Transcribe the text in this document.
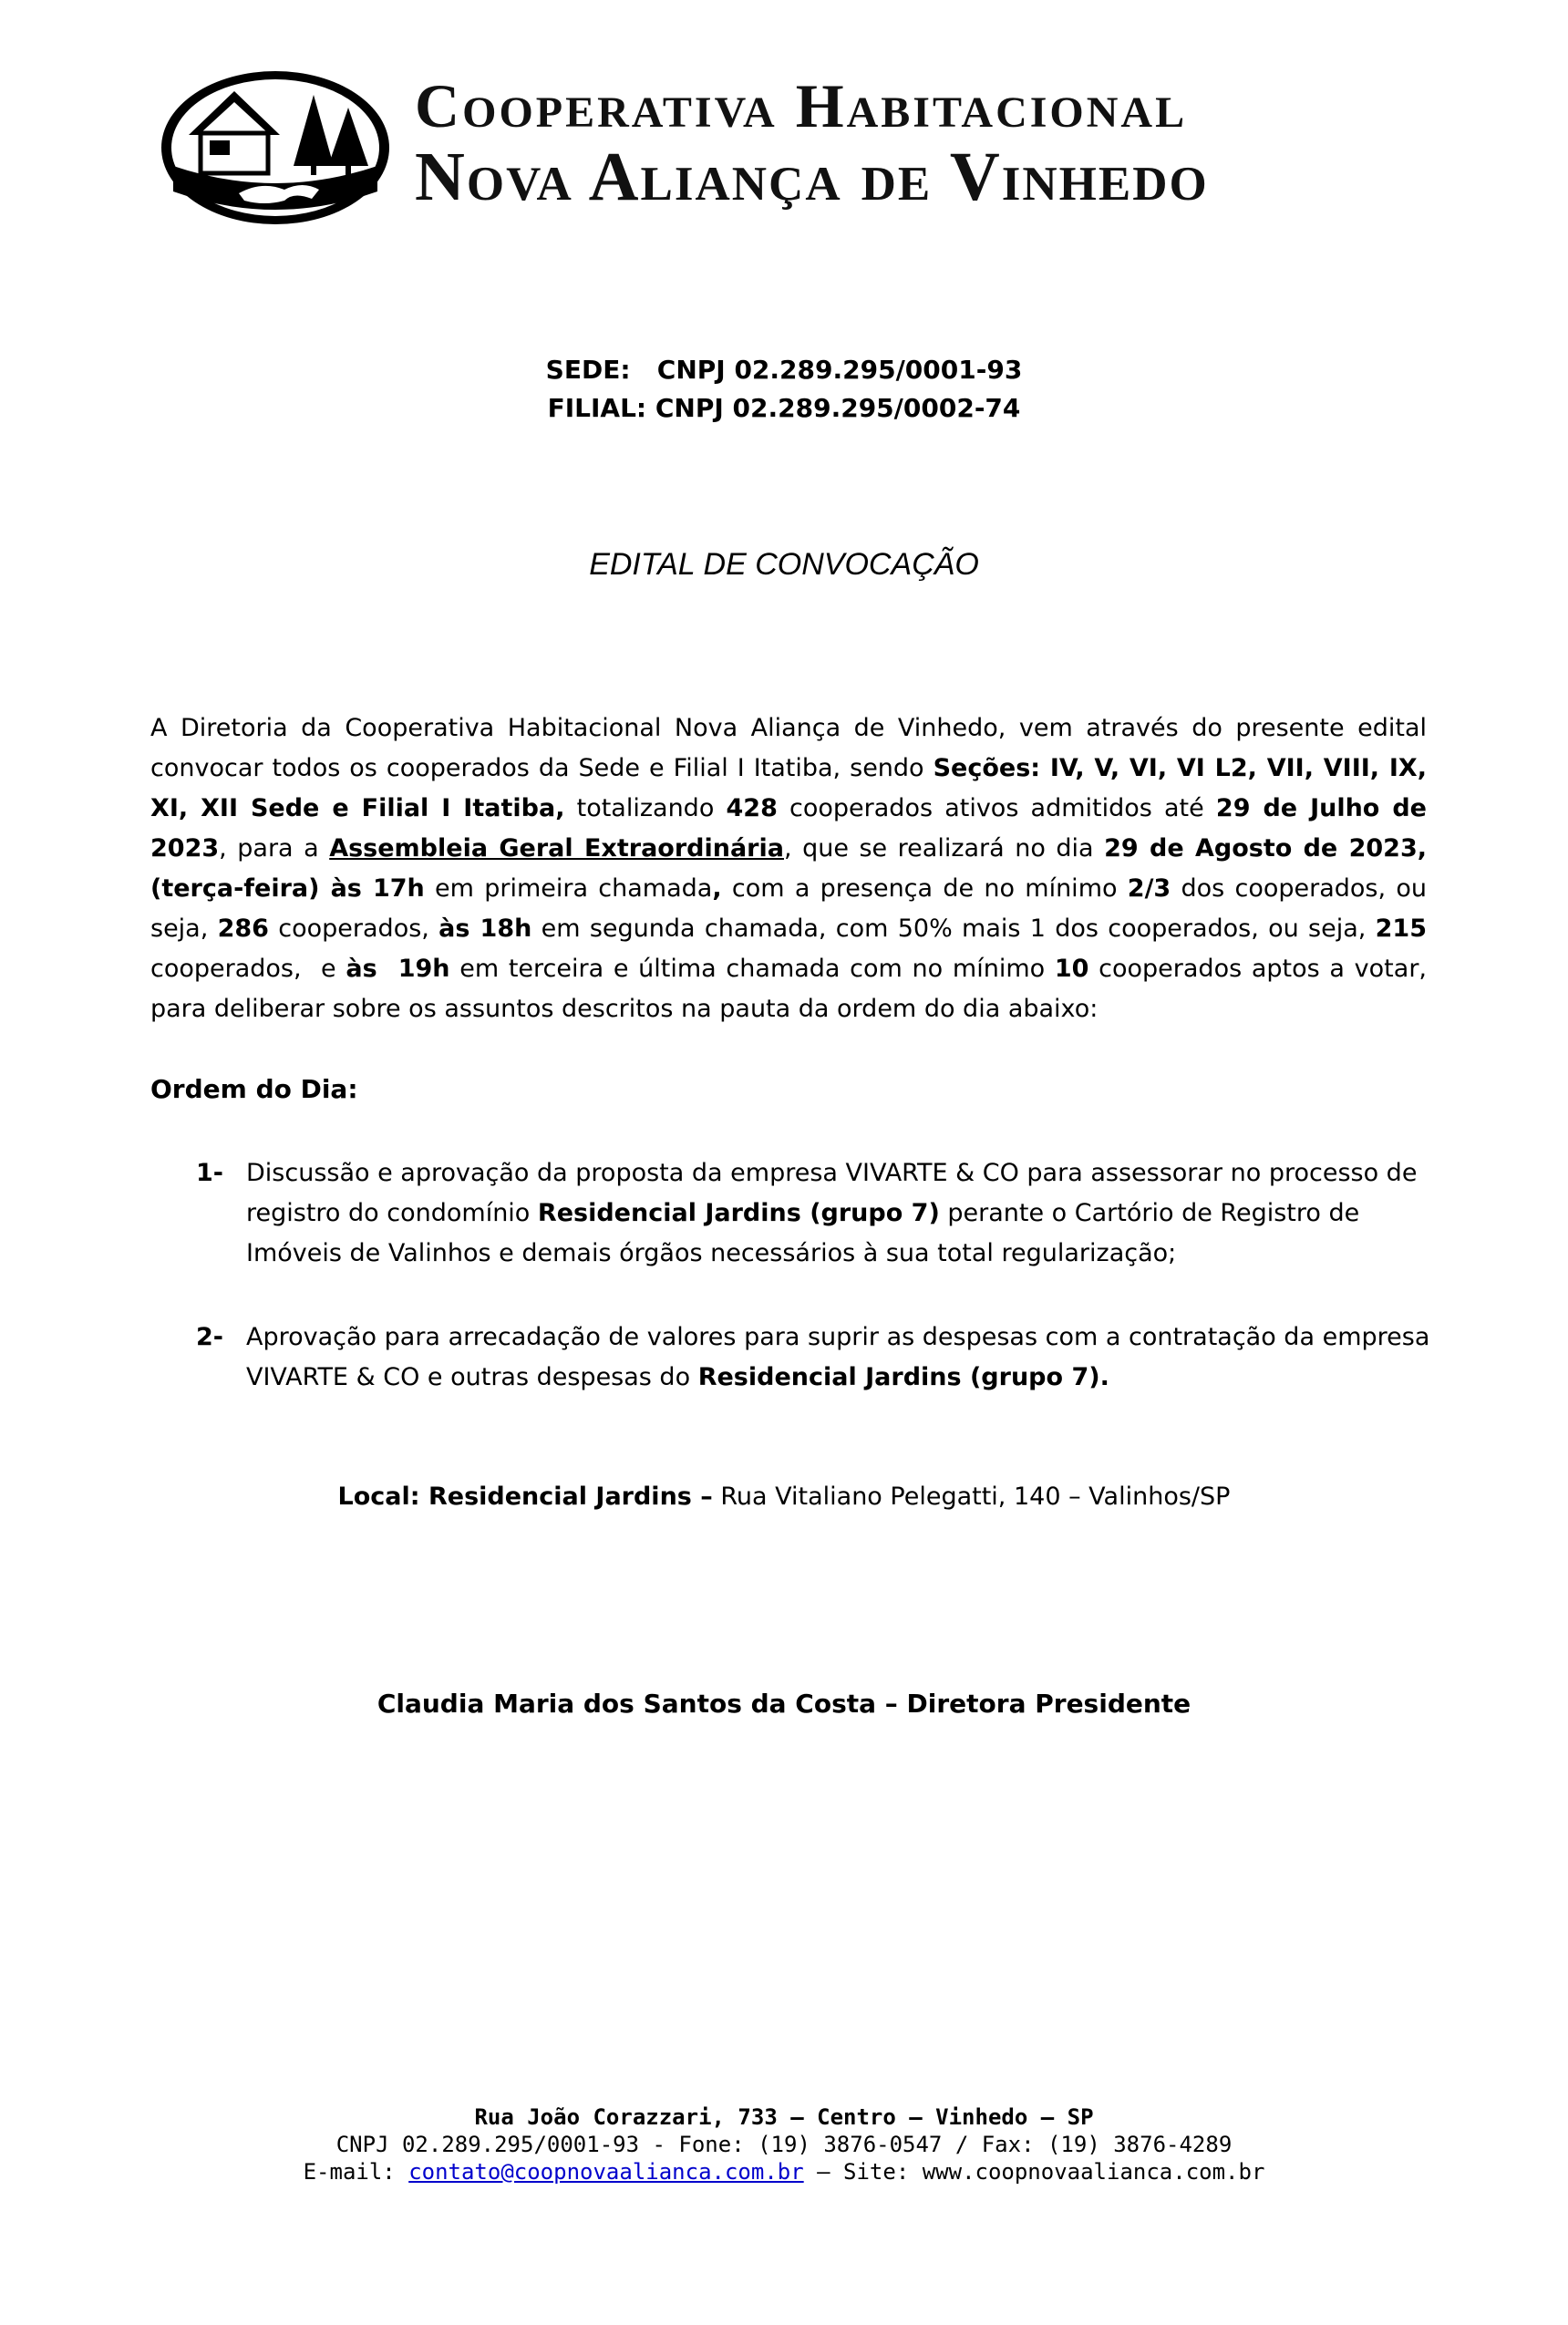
Cooperativa Habitacional
Nova Aliança de Vinhedo
SEDE:   CNPJ 02.289.295/0001-93
FILIAL: CNPJ 02.289.295/0002-74
EDITAL DE CONVOCAÇÃO
A Diretoria da Cooperativa Habitacional Nova Aliança de Vinhedo, vem através do presente edital convocar todos os cooperados da Sede e Filial I Itatiba, sendo Seções: IV, V, VI, VI L2, VII, VIII, IX, XI, XII Sede e Filial I Itatiba, totalizando 428 cooperados ativos admitidos até 29 de Julho de 2023, para a Assembleia Geral Extraordinária, que se realizará no dia 29 de Agosto de 2023, (terça-feira) às 17h em primeira chamada, com a presença de no mínimo 2/3 dos cooperados, ou seja, 286 cooperados, às 18h em segunda chamada, com 50% mais 1 dos cooperados, ou seja, 215 cooperados,  e às  19h em terceira e última chamada com no mínimo 10 cooperados aptos a votar, para deliberar sobre os assuntos descritos na pauta da ordem do dia abaixo:
Ordem do Dia:
1- Discussão e aprovação da proposta da empresa VIVARTE & CO para assessorar no processo de registro do condomínio Residencial Jardins (grupo 7) perante o Cartório de Registro de Imóveis de Valinhos e demais órgãos necessários à sua total regularização;
2- Aprovação para arrecadação de valores para suprir as despesas com a contratação da empresa VIVARTE & CO e outras despesas do Residencial Jardins (grupo 7).
Local: Residencial Jardins – Rua Vitaliano Pelegatti, 140 – Valinhos/SP
Claudia Maria dos Santos da Costa – Diretora Presidente
Rua João Corazzari, 733 – Centro – Vinhedo – SP
CNPJ 02.289.295/0001-93 - Fone: (19) 3876-0547 / Fax: (19) 3876-4289
E-mail: contato@coopnovaalianca.com.br – Site: www.coopnovaalianca.com.br
